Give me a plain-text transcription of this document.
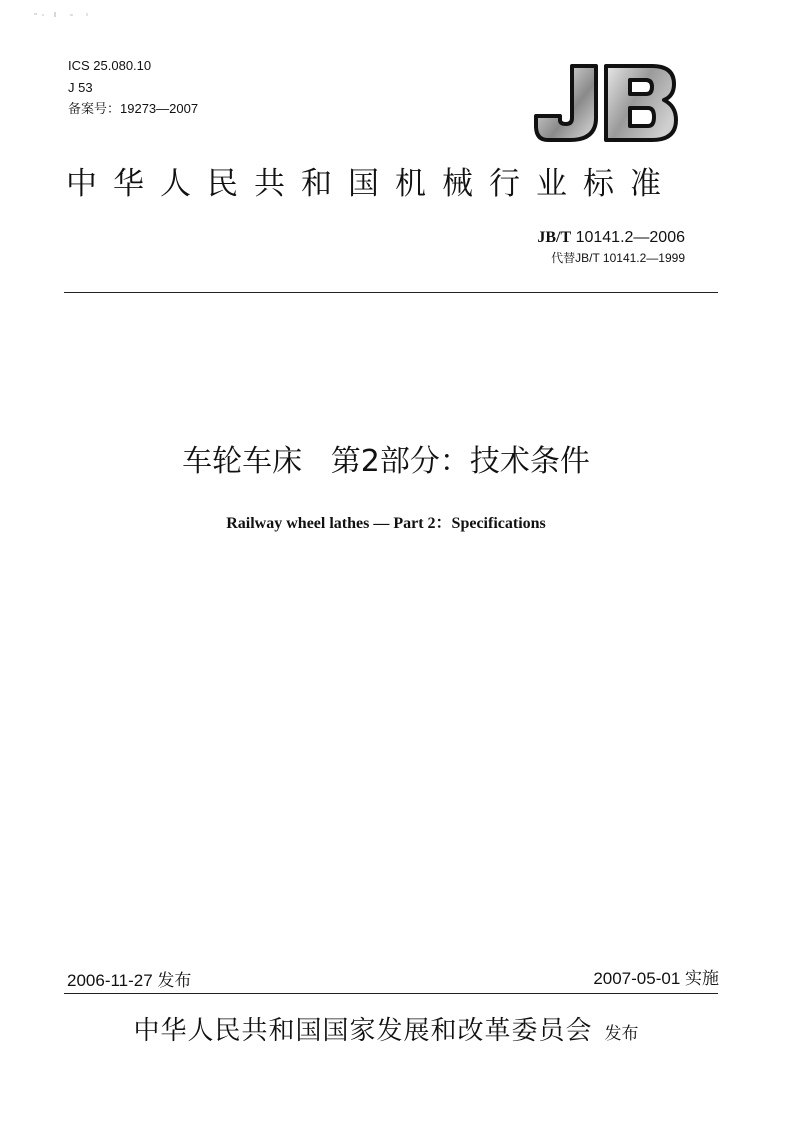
ICS 25.080.10
J 53
备案号：19273—2007
中华人民共和国机械行业标准
JB/T 10141.2—2006
代替JB/T 10141.2—1999
车轮车床   第2部分：技术条件
Railway wheel lathes — Part 2：Specifications
2006-11-27 发布	2007-05-01 实施
中华人民共和国国家发展和改革委员会 发布
